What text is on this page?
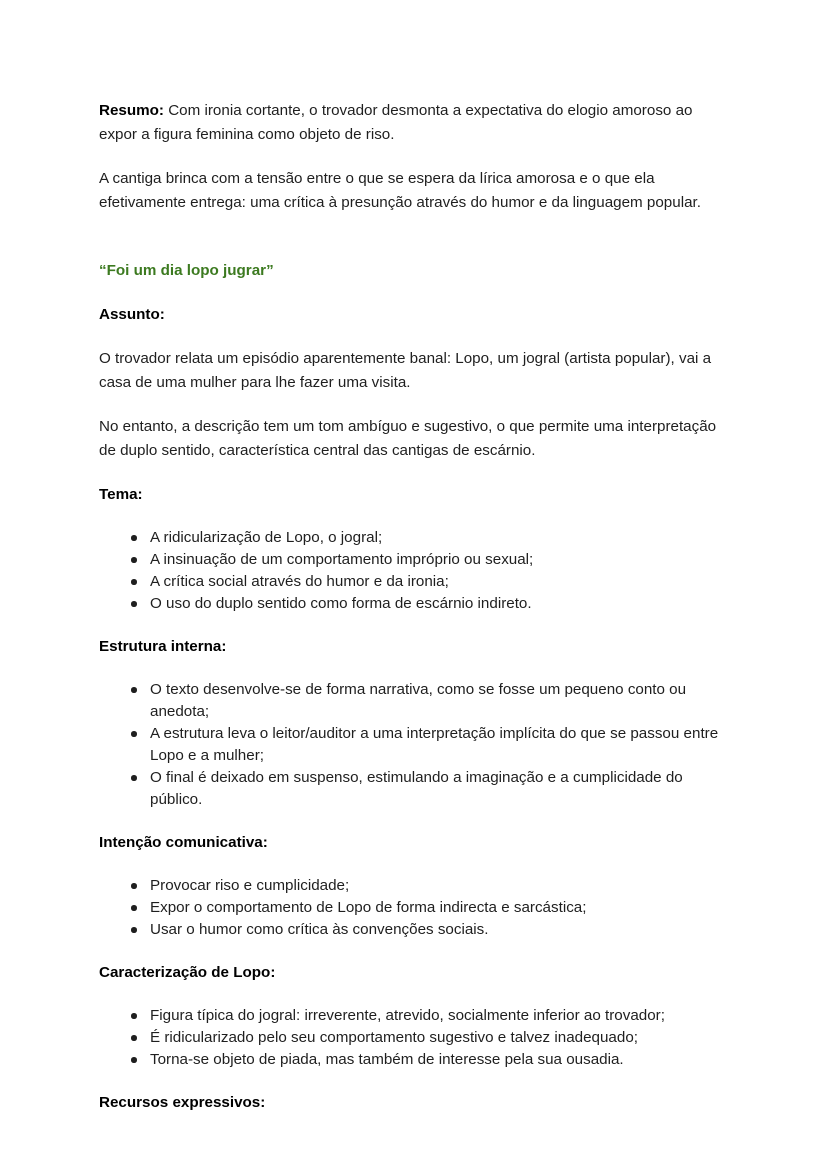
Resumo: Com ironia cortante, o trovador desmonta a expectativa do elogio amoroso ao expor a figura feminina como objeto de riso.

A cantiga brinca com a tensão entre o que se espera da lírica amorosa e o que ela efetivamente entrega: uma crítica à presunção através do humor e da linguagem popular.

“Foi um dia lopo jugrar”
Assunto:

O trovador relata um episódio aparentemente banal: Lopo, um jogral (artista popular), vai a casa de uma mulher para lhe fazer uma visita.

No entanto, a descrição tem um tom ambíguo e sugestivo, o que permite uma interpretação de duplo sentido, característica central das cantigas de escárnio.

Tema:
A ridicularização de Lopo, o jogral;
A insinuação de um comportamento impróprio ou sexual;
A crítica social através do humor e da ironia;
O uso do duplo sentido como forma de escárnio indireto.
Estrutura interna:
O texto desenvolve-se de forma narrativa, como se fosse um pequeno conto ou anedota;
A estrutura leva o leitor/auditor a uma interpretação implícita do que se passou entre Lopo e a mulher;
O final é deixado em suspenso, estimulando a imaginação e a cumplicidade do público.
Intenção comunicativa:
Provocar riso e cumplicidade;
Expor o comportamento de Lopo de forma indirecta e sarcástica;
Usar o humor como crítica às convenções sociais.
Caracterização de Lopo:
Figura típica do jogral: irreverente, atrevido, socialmente inferior ao trovador;
É ridicularizado pelo seu comportamento sugestivo e talvez inadequado;
Torna-se objeto de piada, mas também de interesse pela sua ousadia.
Recursos expressivos:
